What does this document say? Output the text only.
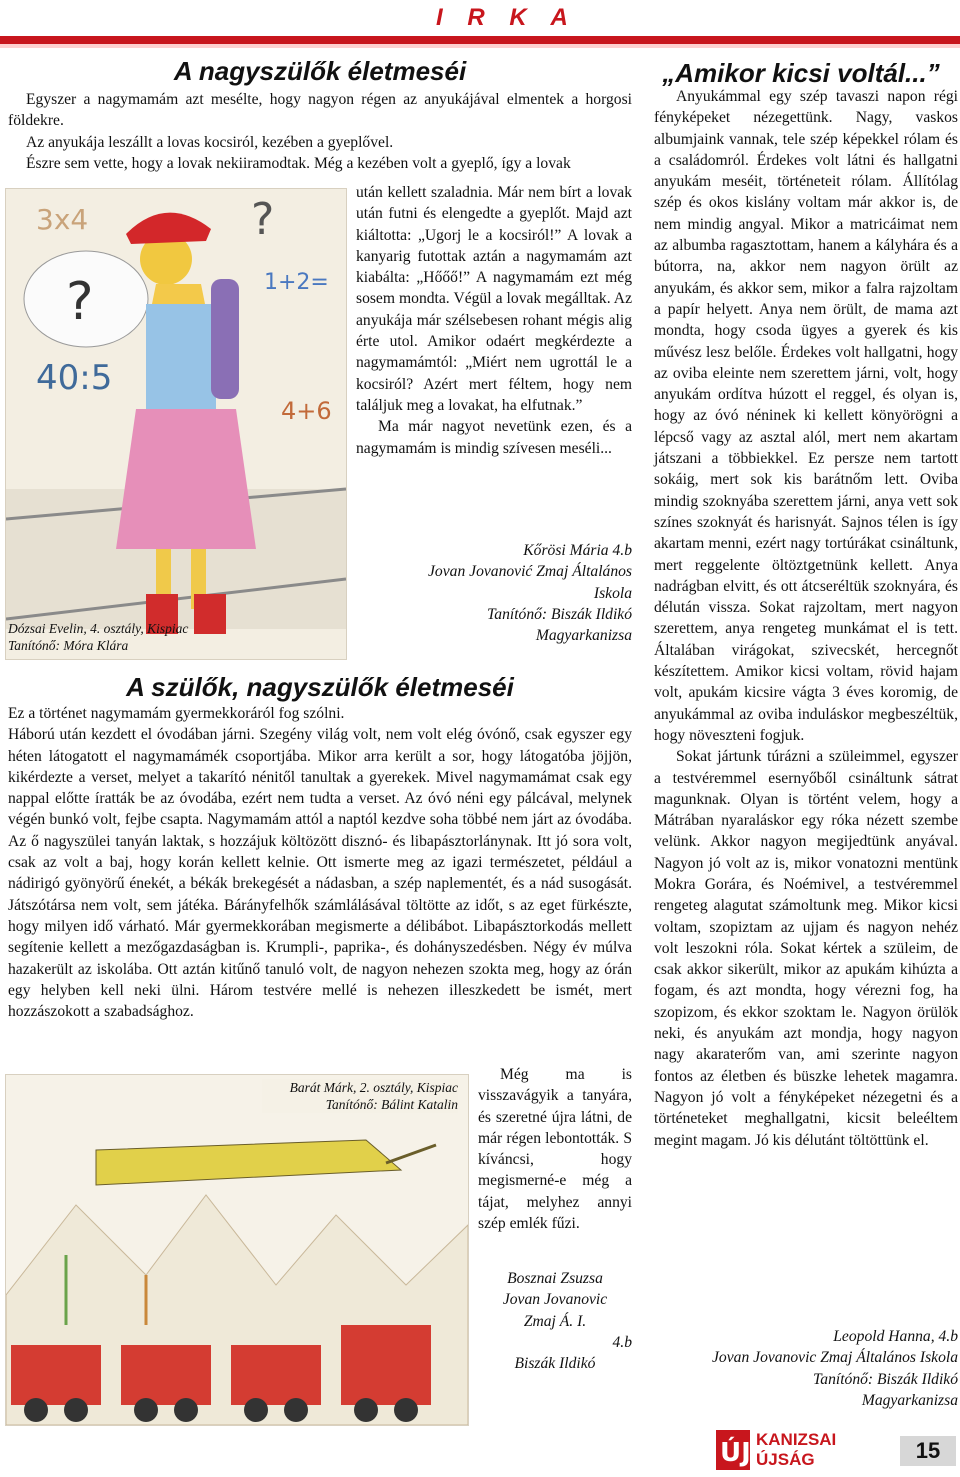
I R K A
A nagyszülők életmeséi

Egyszer a nagymamám azt mesélte, hogy nagyon régen az anyukájával elmentek a horgosi földekre.

Az anyukája leszállt a lovas kocsiról, kezében a gyeplővel.

Észre sem vette, hogy a lovak nekiiramodtak. Még a kezében volt a gyeplő, így a lovak

3x4	?
1+2=
40:5
4+6
?
Dózsai Evelin, 4. osztály, Kispiac
Tanítónő: Móra Klára

után kellett szaladnia. Már nem bírt a lovak után futni és elengedte a gyeplőt. Majd azt kiáltotta: „Ugorj le a kocsiról!” A lovak a kanyarig futottak aztán a nagymamám azt kiabálta: „Hőőő!” A nagymamám ezt még sosem mondta. Végül a lovak megálltak. Az anyukája már szélsebesen rohant mégis alig érte utol. Amikor odaért megkérdezte a nagymamámtól: „Miért nem ugrottál le a kocsiról? Azért mert féltem, hogy nem találjuk meg a lovakat, ha elfutnak.”

Ma már nagyot nevetünk ezen, és a nagymamám is mindig szívesen meséli...

Kőrösi Mária 4.b
Jovan Jovanović Zmaj Általános
Iskola
Tanítónő: Biszák Ildikó
Magyarkanizsa
A szülők, nagyszülők életmeséi

Ez a történet nagymamám gyermekkoráról fog szólni.

Háború után kezdett el óvodában járni. Szegény világ volt, nem volt elég óvónő, csak egyszer egy héten látogatott el nagymamámék csoportjába. Mikor arra került a sor, hogy látogatóba jöjjön, kikérdezte a verset, melyet a takarító nénitől tanultak a gyerekek. Mivel nagymamámat csak egy nappal előtte íratták be az óvodába, ezért nem tudta a verset. Az óvó néni egy pálcával, melynek végén bunkó volt, fejbe csapta. Nagymamám attól a naptól kezdve soha többé nem járt az óvodába. Az ő nagyszülei tanyán laktak, s hozzájuk költözött disznó- és libapásztorlánynak. Itt jó sora volt, csak az volt a baj, hogy korán kellett kelnie. Ott ismerte meg az igazi természetet, például a nádirigó gyönyörű énekét, a békák brekegését a nádasban, a szép naplementét, és a nád susogását. Játszótársa nem volt, sem játéka. Bárányfelhők számlálásával töltötte az időt, s az eget fürkészte, hogy milyen idő várható. Már gyermekkorában megismerte a délibábot. Libapásztorkodás mellett segítenie kellett a mezőgazdaságban is. Krumpli-, paprika-, és dohányszedésben. Négy év múlva hazakerült az iskolába. Ott aztán kitűnő tanuló volt, de nagyon nehezen szokta meg, hogy az órán egy helyben kell neki ülni. Három testvére mellé is nehezen illeszkedett be ismét, mert hozzászokott a szabadsághoz.

Barát Márk, 2. osztály, Kispiac
Tanítónő: Bálint Katalin

Még ma is visszavágyik a tanyára, és szeretné újra látni, de már régen lebontották. S kíváncsi, hogy megismerné-e még a tájat, melyhez annyi szép emlék fűzi.

Bosznai Zsuzsa
Jovan Jovanovic
Zmaj Á. I.
4.b
Biszák Ildikó
„Amikor kicsi voltál...”

Anyukámmal egy szép tavaszi napon régi fényképeket nézegettünk. Nagy, vaskos albumjaink vannak, tele szép képekkel rólam és a családomról. Érdekes volt látni és hallgatni anyukám meséit, történeteit rólam. Állítólag szép és okos kislány voltam már akkor is, de nem mindig angyal. Mikor a matricáimat nem az albumba ragasztottam, hanem a kályhára és a bútorra, na, akkor nem nagyon örült az anyukám, és akkor sem, mikor a falra rajzoltam a papír helyett. Anya nem örült, de mama azt mondta, hogy csoda ügyes a gyerek és kis művész lesz belőle. Érdekes volt hallgatni, hogy az oviba eleinte nem szerettem járni, volt, hogy anyukám ordítva húzott el reggel, és olyan is, hogy az óvó néninek ki kellett könyörögni a lépcső vagy az asztal alól, mert nem akartam játszani a többiekkel. Ez persze nem tartott sokáig, mert sok kis barátnőm lett. Oviba mindig szoknyába szerettem járni, anya vett sok színes szoknyát és harisnyát. Sajnos télen is így akartam menni, ezért nagy tortúrákat csináltunk, mert reggelente öltöztgetnünk kellett. Anya nadrágban elvitt, és ott átcseréltük szoknyára, és délután vissza. Sokat rajzoltam, mert nagyon szerettem, anya rengeteg munkámat el is tett. Általában virágokat, szivecskét, hercegnőt készítettem. Amikor kicsi voltam, rövid hajam volt, apukám kicsire vágta 3 éves koromig, de anyukámmal az oviba induláskor megbeszéltük, hogy növeszteni fogjuk.

Sokat jártunk túrázni a szüleimmel, egyszer a testvéremmel esernyőből csináltunk sátrat magunknak. Olyan is történt velem, hogy a Mátrában nyaraláskor egy róka nézett szembe velünk. Akkor nagyon megijedtünk anyával. Nagyon jó volt az is, mikor vonatozni mentünk Mokra Gorára, és Noémivel, a testvéremmel rengeteg alagutat számoltunk meg. Mikor kicsi voltam, szopiztam az ujjam és nagyon nehéz volt leszokni róla. Sokat kértek a szüleim, de csak akkor sikerült, mikor az apukám kihúzta a fogam, és azt mondta, hogy vérezni fog, ha szopizom, és ekkor szoktam le. Nagyon örülök neki, és anyukám azt mondja, hogy nagyon nagy akaraterőm van, ami szerinte nagyon fontos az életben és büszke lehetek magamra. Nagyon jó volt a fényképeket nézegetni és a történeteket meghallgatni, kicsit beleéltem megint magam. Jó kis délutánt töltöttünk el.

Leopold Hanna, 4.b
Jovan Jovanovic Zmaj Általános Iskola
Tanítónő: Biszák Ildikó
Magyarkanizsa
ÚJ KANIZSAI
ÚJSÁG	15
